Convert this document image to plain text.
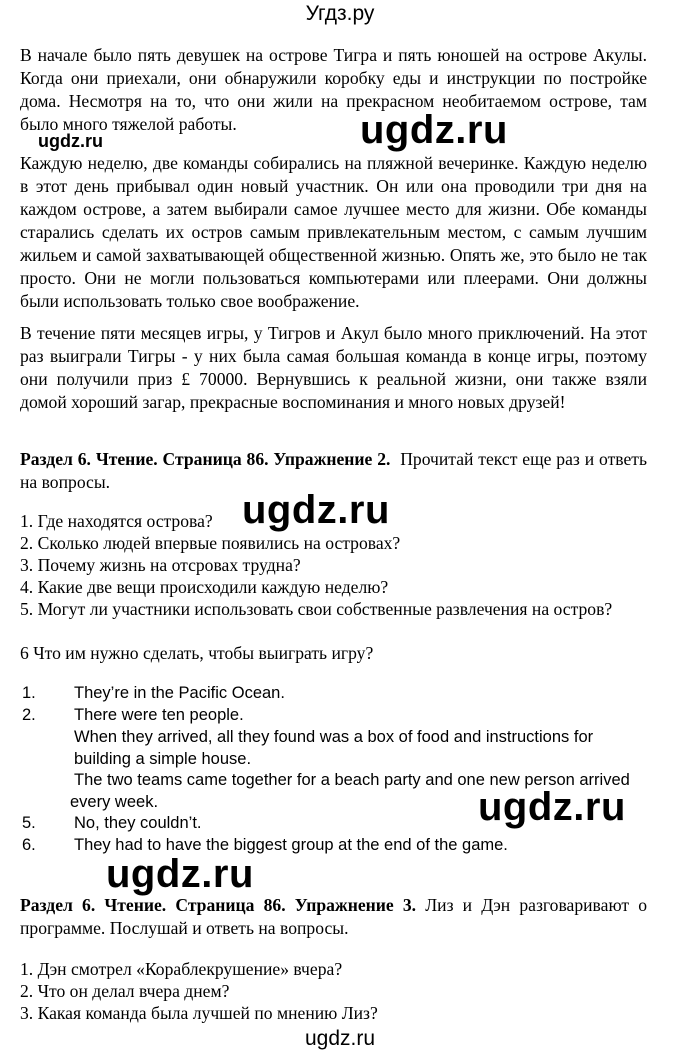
Угдз.ру
В начале было пять девушек на острове Тигра и пять юношей на острове Акулы. Когда они приехали, они обнаружили коробку еды и инструкции по постройке дома. Несмотря на то, что они жили на прекрасном необитаемом острове, там было много тяжелой работы.
Каждую неделю, две команды собирались на пляжной вечеринке. Каждую неделю в этот день прибывал один новый участник. Он или она проводили три дня на каждом острове, а затем выбирали самое лучшее место для жизни. Обе команды старались сделать их остров самым привлекательным местом, с самым лучшим жильем и самой захватывающей общественной жизнью. Опять же, это было не так просто. Они не могли пользоваться компьютерами или плеерами. Они должны были использовать только свое воображение.
В течение пяти месяцев игры, у Тигров и Акул было много приключений. На этот раз выиграли Тигры - у них была самая большая команда в конце игры, поэтому они получили приз £ 70000. Вернувшись к реальной жизни, они также взяли домой хороший загар, прекрасные воспоминания и много новых друзей!
Раздел 6. Чтение. Страница 86. Упражнение 2. Прочитай текст еще раз и ответь на вопросы.
1. Где находятся острова?
2. Сколько людей впервые появились на островах?
3. Почему жизнь на отсровах трудна?
4. Какие две вещи происходили каждую неделю?
5. Могут ли участники использовать свои собственные развлечения на остров?
6 Что им нужно сделать, чтобы выиграть игру?
1. They’re in the Pacific Ocean.
2. There were ten people.
When they arrived, all they found was a box of food and instructions for building a simple house.
The two teams came together for a beach party and one new person arrived every week.
5. No, they couldn’t.
6. They had to have the biggest group at the end of the game.
Раздел 6. Чтение. Страница 86. Упражнение 3. Лиз и Дэн разговаривают о программе. Послушай и ответь на вопросы.
1. Дэн смотрел «Кораблекрушение» вчера?
2. Что он делал вчера днем?
3. Какая команда была лучшей по мнению Лиз?
ugdz.ru	ugdz.ru
ugdz.ru
ugdz.ru
ugdz.ru
ugdz.ru
